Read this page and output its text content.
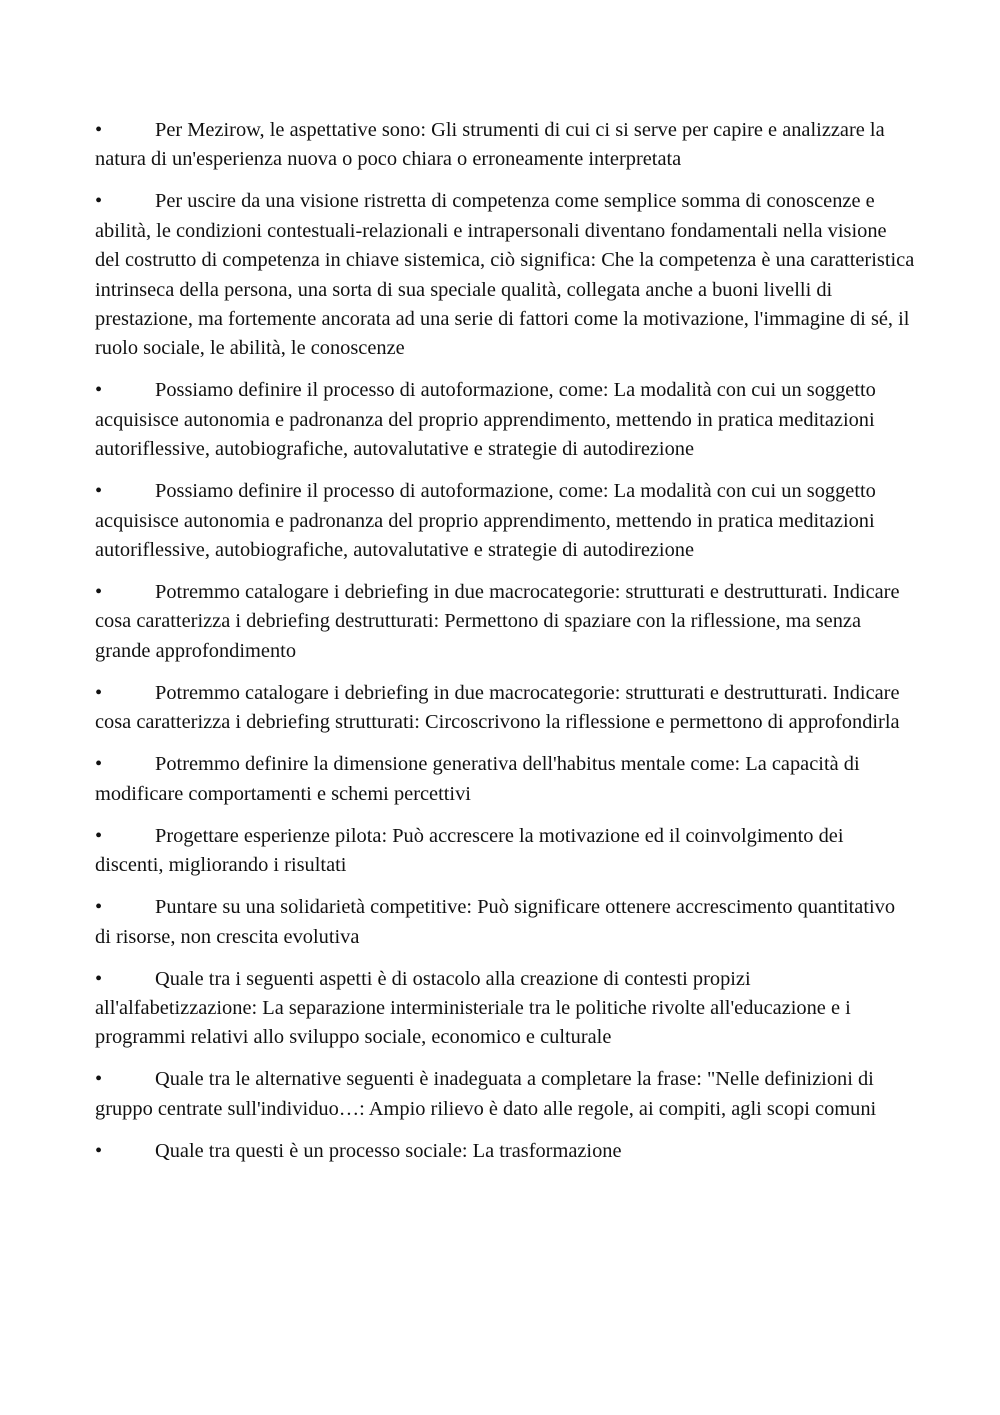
•	Per Mezirow, le aspettative sono: Gli strumenti di cui ci si serve per capire e analizzare la natura di un'esperienza nuova o poco chiara o erroneamente interpretata

•	Per uscire da una visione ristretta di competenza come semplice somma di conoscenze e abilità, le condizioni contestuali-relazionali e intrapersonali diventano fondamentali nella visione del costrutto di competenza in chiave sistemica, ciò significa: Che la competenza è una caratteristica intrinseca della persona, una sorta di sua speciale qualità, collegata anche a buoni livelli di prestazione, ma fortemente ancorata ad una serie di fattori come la motivazione, l'immagine di sé, il ruolo sociale, le abilità, le conoscenze

•	Possiamo definire il processo di autoformazione, come: La modalità con cui un soggetto acquisisce autonomia e padronanza del proprio apprendimento, mettendo in pratica meditazioni autoriflessive, autobiografiche, autovalutative e strategie di autodirezione

•	Possiamo definire il processo di autoformazione, come: La modalità con cui un soggetto acquisisce autonomia e padronanza del proprio apprendimento, mettendo in pratica meditazioni autoriflessive, autobiografiche, autovalutative e strategie di autodirezione

•	Potremmo catalogare i debriefing in due macrocategorie: strutturati e destrutturati. Indicare cosa caratterizza i debriefing destrutturati: Permettono di spaziare con la riflessione, ma senza grande approfondimento

•	Potremmo catalogare i debriefing in due macrocategorie: strutturati e destrutturati. Indicare cosa caratterizza i debriefing strutturati: Circoscrivono la riflessione e permettono di approfondirla

•	Potremmo definire la dimensione generativa dell'habitus mentale come: La capacità di modificare comportamenti e schemi percettivi

•	Progettare esperienze pilota: Può accrescere la motivazione ed il coinvolgimento dei discenti, migliorando i risultati

•	Puntare su una solidarietà competitive: Può significare ottenere accrescimento quantitativo di risorse, non crescita evolutiva

•	Quale tra i seguenti aspetti è di ostacolo alla creazione di contesti propizi all'alfabetizzazione: La separazione interministeriale tra le politiche rivolte all'educazione e i programmi relativi allo sviluppo sociale, economico e culturale

•	Quale tra le alternative seguenti è inadeguata a completare la frase: "Nelle definizioni di gruppo centrate sull'individuo…: Ampio rilievo è dato alle regole, ai compiti, agli scopi comuni

•	Quale tra questi è un processo sociale: La trasformazione
